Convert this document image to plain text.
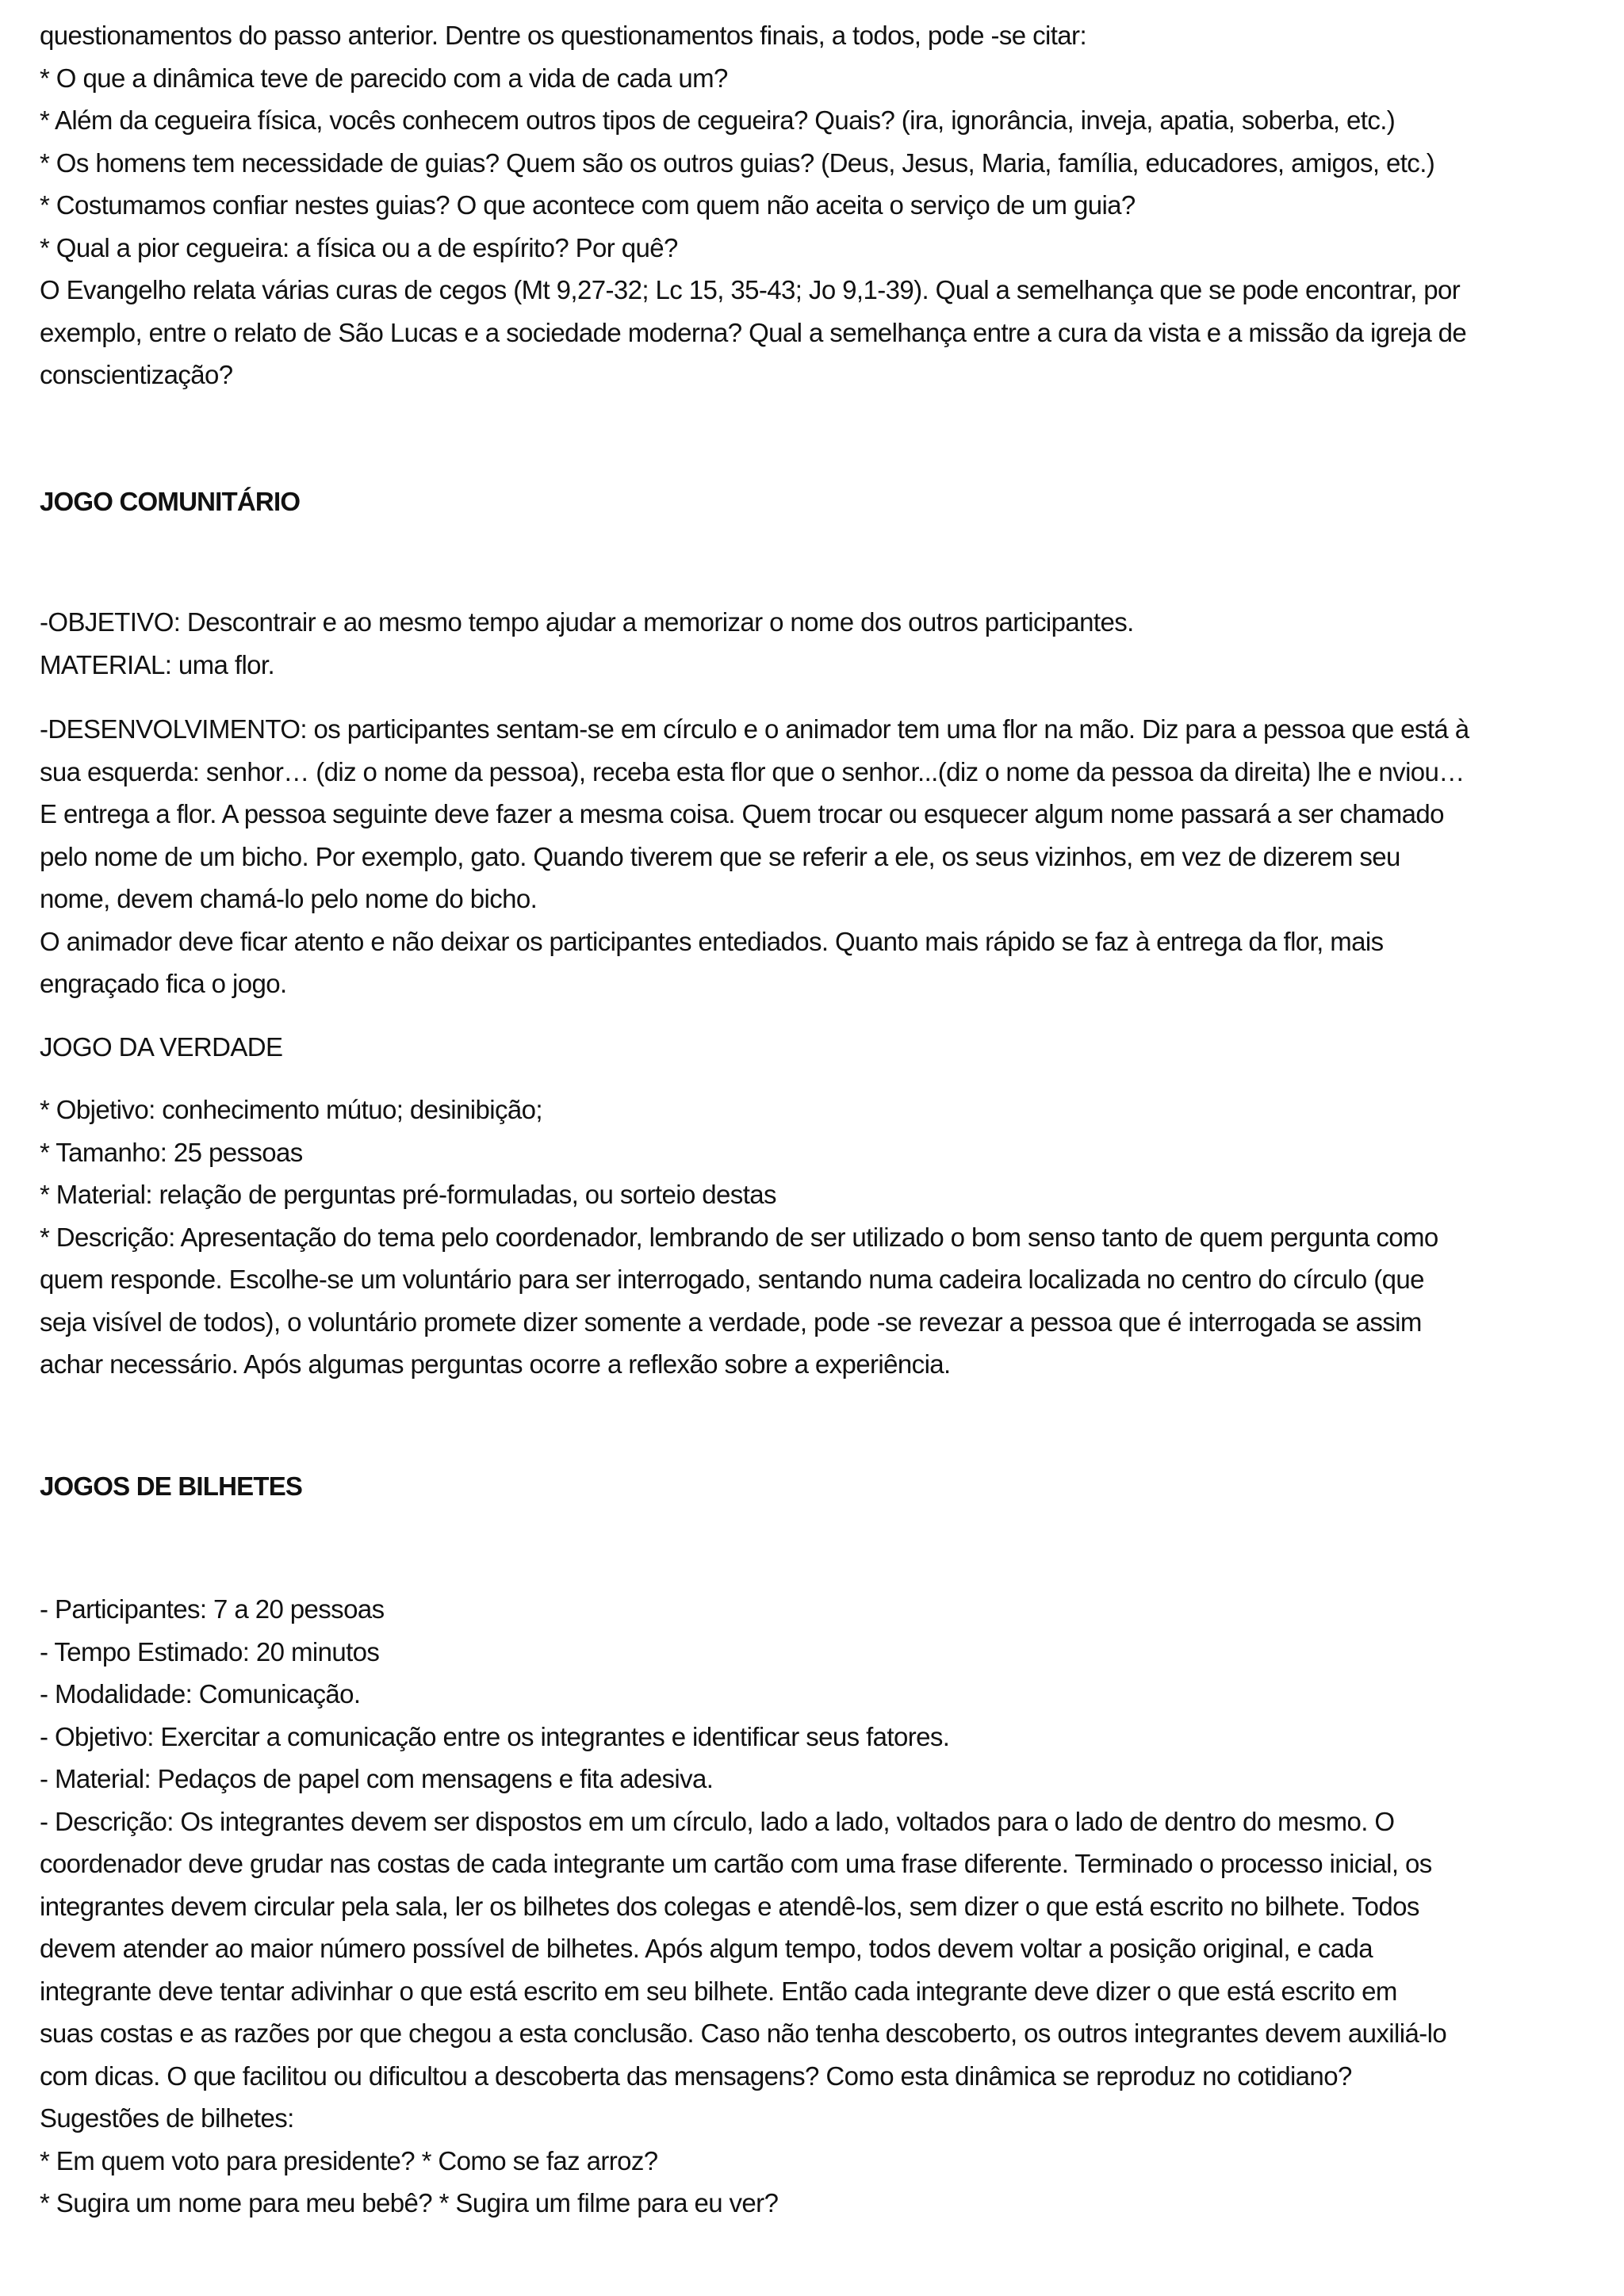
questionamentos do passo anterior. Dentre os questionamentos finais, a todos, pode -se citar:
* O que a dinâmica teve de parecido com a vida de cada um?
* Além da cegueira física, vocês conhecem outros tipos de cegueira? Quais? (ira, ignorância, inveja, apatia, soberba, etc.)
* Os homens tem necessidade de guias? Quem são os outros guias? (Deus, Jesus, Maria, família, educadores, amigos, etc.)
* Costumamos confiar nestes guias? O que acontece com quem não aceita o serviço de um guia?
* Qual a pior cegueira: a física ou a de espírito? Por quê?
O Evangelho relata várias curas de cegos (Mt 9,27-32; Lc 15, 35-43; Jo 9,1-39). Qual a semelhança que se pode encontrar, por
exemplo, entre o relato de São Lucas e a sociedade moderna? Qual a semelhança entre a cura da vista e a missão da igreja de
conscientização?
JOGO COMUNITÁRIO
-OBJETIVO: Descontrair e ao mesmo tempo ajudar a memorizar o nome dos outros participantes.
MATERIAL: uma flor.
-DESENVOLVIMENTO: os participantes sentam-se em círculo e o animador tem uma flor na mão. Diz para a pessoa que está à
sua esquerda: senhor… (diz o nome da pessoa), receba esta flor que o senhor...(diz o nome da pessoa da direita) lhe e nviou…
E entrega a flor. A pessoa seguinte deve fazer a mesma coisa. Quem trocar ou esquecer algum nome passará a ser chamado
pelo nome de um bicho. Por exemplo, gato. Quando tiverem que se referir a ele, os seus vizinhos, em vez de dizerem seu
nome, devem chamá-lo pelo nome do bicho.
O animador deve ficar atento e não deixar os participantes entediados. Quanto mais rápido se faz à entrega da flor, mais
engraçado fica o jogo.
JOGO DA VERDADE
* Objetivo: conhecimento mútuo; desinibição;
* Tamanho: 25 pessoas
* Material: relação de perguntas pré-formuladas, ou sorteio destas
* Descrição: Apresentação do tema pelo coordenador, lembrando de ser utilizado o bom senso tanto de quem pergunta como
quem responde. Escolhe-se um voluntário para ser interrogado, sentando numa cadeira localizada no centro do círculo (que
seja visível de todos), o voluntário promete dizer somente a verdade, pode -se revezar a pessoa que é interrogada se assim
achar necessário. Após algumas perguntas ocorre a reflexão sobre a experiência.
JOGOS DE BILHETES
- Participantes: 7 a 20 pessoas
- Tempo Estimado: 20 minutos
- Modalidade: Comunicação.
- Objetivo: Exercitar a comunicação entre os integrantes e identificar seus fatores.
- Material: Pedaços de papel com mensagens e fita adesiva.
- Descrição: Os integrantes devem ser dispostos em um círculo, lado a lado, voltados para o lado de dentro do mesmo. O
coordenador deve grudar nas costas de cada integrante um cartão com uma frase diferente. Terminado o processo inicial, os
integrantes devem circular pela sala, ler os bilhetes dos colegas e atendê-los, sem dizer o que está escrito no bilhete. Todos
devem atender ao maior número possível de bilhetes. Após algum tempo, todos devem voltar a posição original, e cada
integrante deve tentar adivinhar o que está escrito em seu bilhete. Então cada integrante deve dizer o que está escrito em
suas costas e as razões por que chegou a esta conclusão. Caso não tenha descoberto, os outros integrantes devem auxiliá-lo
com dicas. O que facilitou ou dificultou a descoberta das mensagens? Como esta dinâmica se reproduz no cotidiano?
Sugestões de bilhetes:
* Em quem voto para presidente? * Como se faz arroz?
* Sugira um nome para meu bebê? * Sugira um filme para eu ver?
